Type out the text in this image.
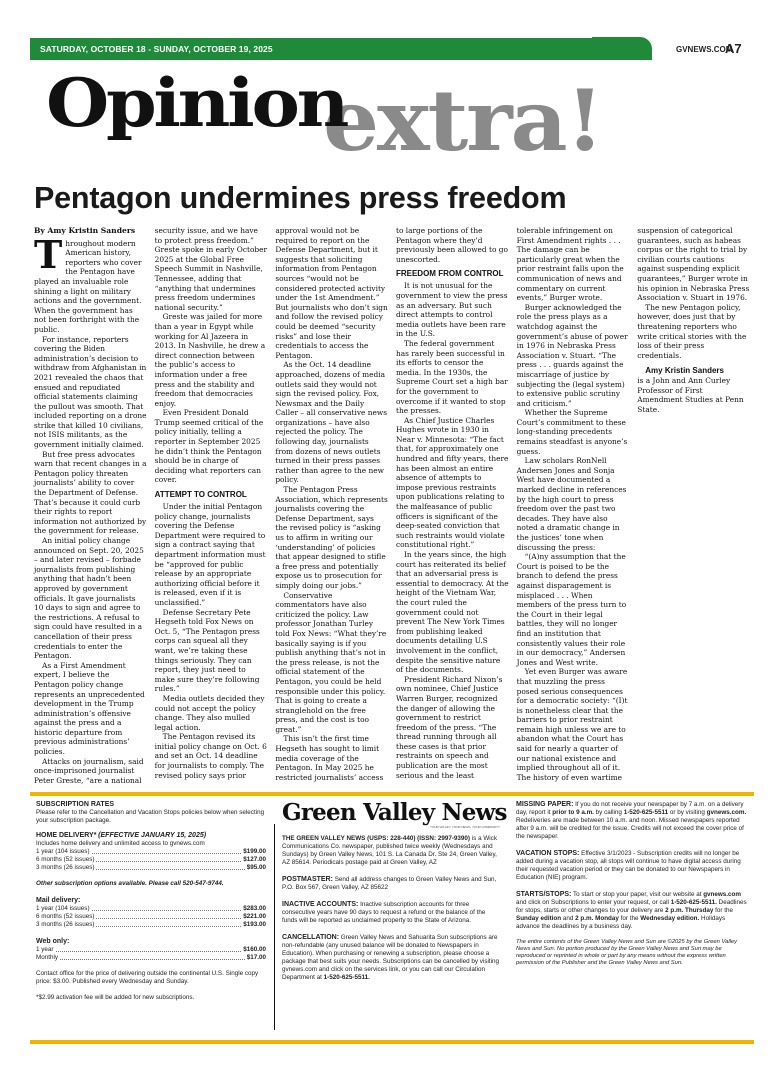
SATURDAY, OCTOBER 18 - SUNDAY, OCTOBER 19, 2025	GVNEWS.COM
A7
extra!
Opinion
Pentagon undermines press freedom
By Amy Kristin Sanders

Throughout modern American history, reporters who cover the Pentagon have played an invaluable role shining a light on military actions and the government. When the government has not been forthright with the public.

For instance, reporters covering the Biden administration’s decision to withdraw from Afghanistan in 2021 revealed the chaos that ensued and repudiated official statements claiming the pullout was smooth. That included reporting on a drone strike that killed 10 civilians, not ISIS militants, as the government initially claimed.

But free press advocates warn that recent changes in a Pentagon policy threaten journalists’ ability to cover the Department of Defense. That’s because it could curb their rights to report information not authorized by the government for release.

An initial policy change announced on Sept. 20, 2025 – and later revised – forbade journalists from publishing anything that hadn’t been approved by government officials. It gave journalists 10 days to sign and agree to the restrictions. A refusal to sign could have resulted in a cancellation of their press credentials to enter the Pentagon.

As a First Amendment expert, I believe the Pentagon policy change represents an unprecedented development in the Trump administration’s offensive against the press and a historic departure from previous administrations’ policies.

Attacks on journalism, said once-imprisoned journalist Peter Greste, “are a national security issue, and we have to protect press freedom.” Greste spoke in early October 2025 at the Global Free Speech Summit in Nashville, Tennessee, adding that “anything that undermines press freedom undermines national security.”

Greste was jailed for more than a year in Egypt while working for Al Jazeera in 2013. In Nashville, he drew a direct connection between the public’s access to information under a free press and the stability and freedom that democracies enjoy.

Even President Donald Trump seemed critical of the policy initially, telling a reporter in September 2025 he didn’t think the Pentagon should be in charge of deciding what reporters can cover.

ATTEMPT TO CONTROL

Under the initial Pentagon policy change, journalists covering the Defense Department were required to sign a contract saying that department information must be “approved for public release by an appropriate authorizing official before it is released, even if it is unclassified.”

Defense Secretary Pete Hegseth told Fox News on Oct. 5, “The Pentagon press corps can squeal all they want, we’re taking these things seriously. They can report, they just need to make sure they’re following rules.”

Media outlets decided they could not accept the policy change. They also mulled legal action.

The Pentagon revised its initial policy change on Oct. 6 and set an Oct. 14 deadline for journalists to comply. The revised policy says prior approval would not be required to report on the Defense Department, but it suggests that soliciting information from Pentagon sources “would not be considered protected activity under the 1st Amendment.” But journalists who don’t sign and follow the revised policy could be deemed “security risks” and lose their credentials to access the Pentagon.

As the Oct. 14 deadline approached, dozens of media outlets said they would not sign the revised policy. Fox, Newsmax and the Daily Caller – all conservative news organizations – have also rejected the policy. The following day, journalists from dozens of news outlets turned in their press passes rather than agree to the new policy.

The Pentagon Press Association, which represents journalists covering the Defense Department, says the revised policy is “asking us to affirm in writing our ‘understanding’ of policies that appear designed to stifle a free press and potentially expose us to prosecution for simply doing our jobs.”

Conservative commentators have also criticized the policy. Law professor Jonathan Turley told Fox News: “What they’re basically saying is if you publish anything that’s not in the press release, is not the official statement of the Pentagon, you could be held responsible under this policy. That is going to create a stranglehold on the free press, and the cost is too great.”

This isn’t the first time Hegseth has sought to limit media coverage of the Pentagon. In May 2025 he restricted journalists’ access to large portions of the Pentagon where they’d previously been allowed to go unescorted.

FREEDOM FROM CONTROL

It is not unusual for the government to view the press as an adversary. But such direct attempts to control media outlets have been rare in the U.S.

The federal government has rarely been successful in its efforts to censor the media. In the 1930s, the Supreme Court set a high bar for the government to overcome if it wanted to stop the presses.

As Chief Justice Charles Hughes wrote in 1930 in Near v. Minnesota: “The fact that, for approximately one hundred and fifty years, there has been almost an entire absence of attempts to impose previous restraints upon publications relating to the malfeasance of public officers is significant of the deep-seated conviction that such restraints would violate constitutional right.”

In the years since, the high court has reiterated its belief that an adversarial press is essential to democracy. At the height of the Vietnam War, the court ruled the government could not prevent The New York Times from publishing leaked documents detailing U.S involvement in the conflict, despite the sensitive nature of the documents.

President Richard Nixon’s own nominee, Chief Justice Warren Burger, recognized the danger of allowing the government to restrict freedom of the press. “The thread running through all these cases is that prior restraints on speech and publication are the most serious and the least tolerable infringement on First Amendment rights . . . The damage can be particularly great when the prior restraint falls upon the communication of news and commentary on current events,” Burger wrote.

Burger acknowledged the role the press plays as a watchdog against the government’s abuse of power in 1976 in Nebraska Press Association v. Stuart. “The press . . . guards against the miscarriage of justice by subjecting the (legal system) to extensive public scrutiny and criticism.”

Whether the Supreme Court’s commitment to these long-standing precedents remains steadfast is anyone’s guess.

Law scholars RonNell Andersen Jones and Sonja West have documented a marked decline in references by the high court to press freedom over the past two decades. They have also noted a dramatic change in the justices’ tone when discussing the press:

“(A)ny assumption that the Court is poised to be the branch to defend the press against disparagement is misplaced . . . When members of the press turn to the Court in their legal battles, they will no longer find an institution that consistently values their role in our democracy,” Andersen Jones and West write.

Yet even Burger was aware that muzzling the press posed serious consequences for a democratic society: “(I)t is nonetheless clear that the barriers to prior restraint remain high unless we are to abandon what the Court has said for nearly a quarter of our national existence and implied throughout all of it. The history of even wartime suspension of categorical guarantees, such as habeas corpus or the right to trial by civilian courts cautions against suspending explicit guarantees,” Burger wrote in his opinion in Nebraska Press Association v. Stuart in 1976.

The new Pentagon policy, however, does just that by threatening reporters who write critical stories with the loss of their press credentials.

Amy Kristin Sanders

is a John and Ann Curley Professor of First Amendment Studies at Penn State.

SUBSCRIPTION RATES
Please refer to the Cancellation and Vacation Stops policies below when selecting your subscription package.
HOME DELIVERY* (EFFECTIVE JANUARY 15, 2025)
Includes home delivery and unlimited access to gvnews.com
1 year (104 issues)	$199.00
6 months (52 issues)	$127.00
3 months (26 issues)	$95.00
Other subscription options available. Please call 520-547-9744.
Mail delivery:
1 year (104 issues)	$283.00
6 months (52 issues)	$221.00
3 months (26 issues)	$193.00
Web only:
1 year	$160.00
Monthly	$17.00
Contact office for the price of delivering outside the continental U.S. Single copy price: $3.00. Published every Wednesday and Sunday.
*$2.99 activation fee will be added for new subscriptions.
Green Valley News
YOUR VALLEY, YOUR NEWS, YOUR COMMUNITY
THE GREEN VALLEY NEWS (USPS: 228-440) (ISSN: 2997-9390) is a Wick Communications Co. newspaper, published twice weekly (Wednesdays and Sundays) by Green Valley News, 101 S. La Canada Dr. Ste 24, Green Valley, AZ 85614. Periodicals postage paid at Green Valley, AZ
POSTMASTER: Send all address changes to Green Valley News and Sun, P.O. Box 567, Green Valley, AZ 85622
INACTIVE ACCOUNTS: Inactive subscription accounts for three consecutive years have 90 days to request a refund or the balance of the funds will be reported as unclaimed property to the State of Arizona.
CANCELLATION: Green Valley News and Sahuarita Sun subscriptions are non-refundable (any unused balance will be donated to Newspapers in Education). When purchasing or renewing a subscription, please choose a package that best suits your needs. Subscriptions can be cancelled by visiting gvnews.com and click on the services link, or you can call our Circulation Department at 1-520-625-5511.
MISSING PAPER: If you do not receive your newspaper by 7 a.m. on a delivery day, report it prior to 9 a.m. by calling 1-520-625-5511 or by visiting gvnews.com. Redeliveries are made between 10 a.m. and noon. Missed newspapers reported after 9 a.m. will be credited for the issue. Credits will not exceed the cover price of the newspaper.
VACATION STOPS: Effective 3/1/2023 - Subscription credits will no longer be added during a vacation stop, all stops will continue to have digital access during their requested vacation period or they can be donated to our Newspapers in Education (NIE) program.
STARTS/STOPS: To start or stop your paper, visit our website at gvnews.com and click on Subscriptions to enter your request, or call 1-520-625-5511. Deadlines for stops, starts or other changes to your delivery are 2 p.m. Thursday for the Sunday edition and 2 p.m. Monday for the Wednesday edition. Holidays advance the deadlines by a business day.
The entire contents of the Green Valley News and Sun are ©2025 by the Green Valley News and Sun. No portion produced by the Green Valley News and Sun may be reproduced or reprinted in whole or part by any means without the express written permission of the Publisher and the Green Valley News and Sun.
